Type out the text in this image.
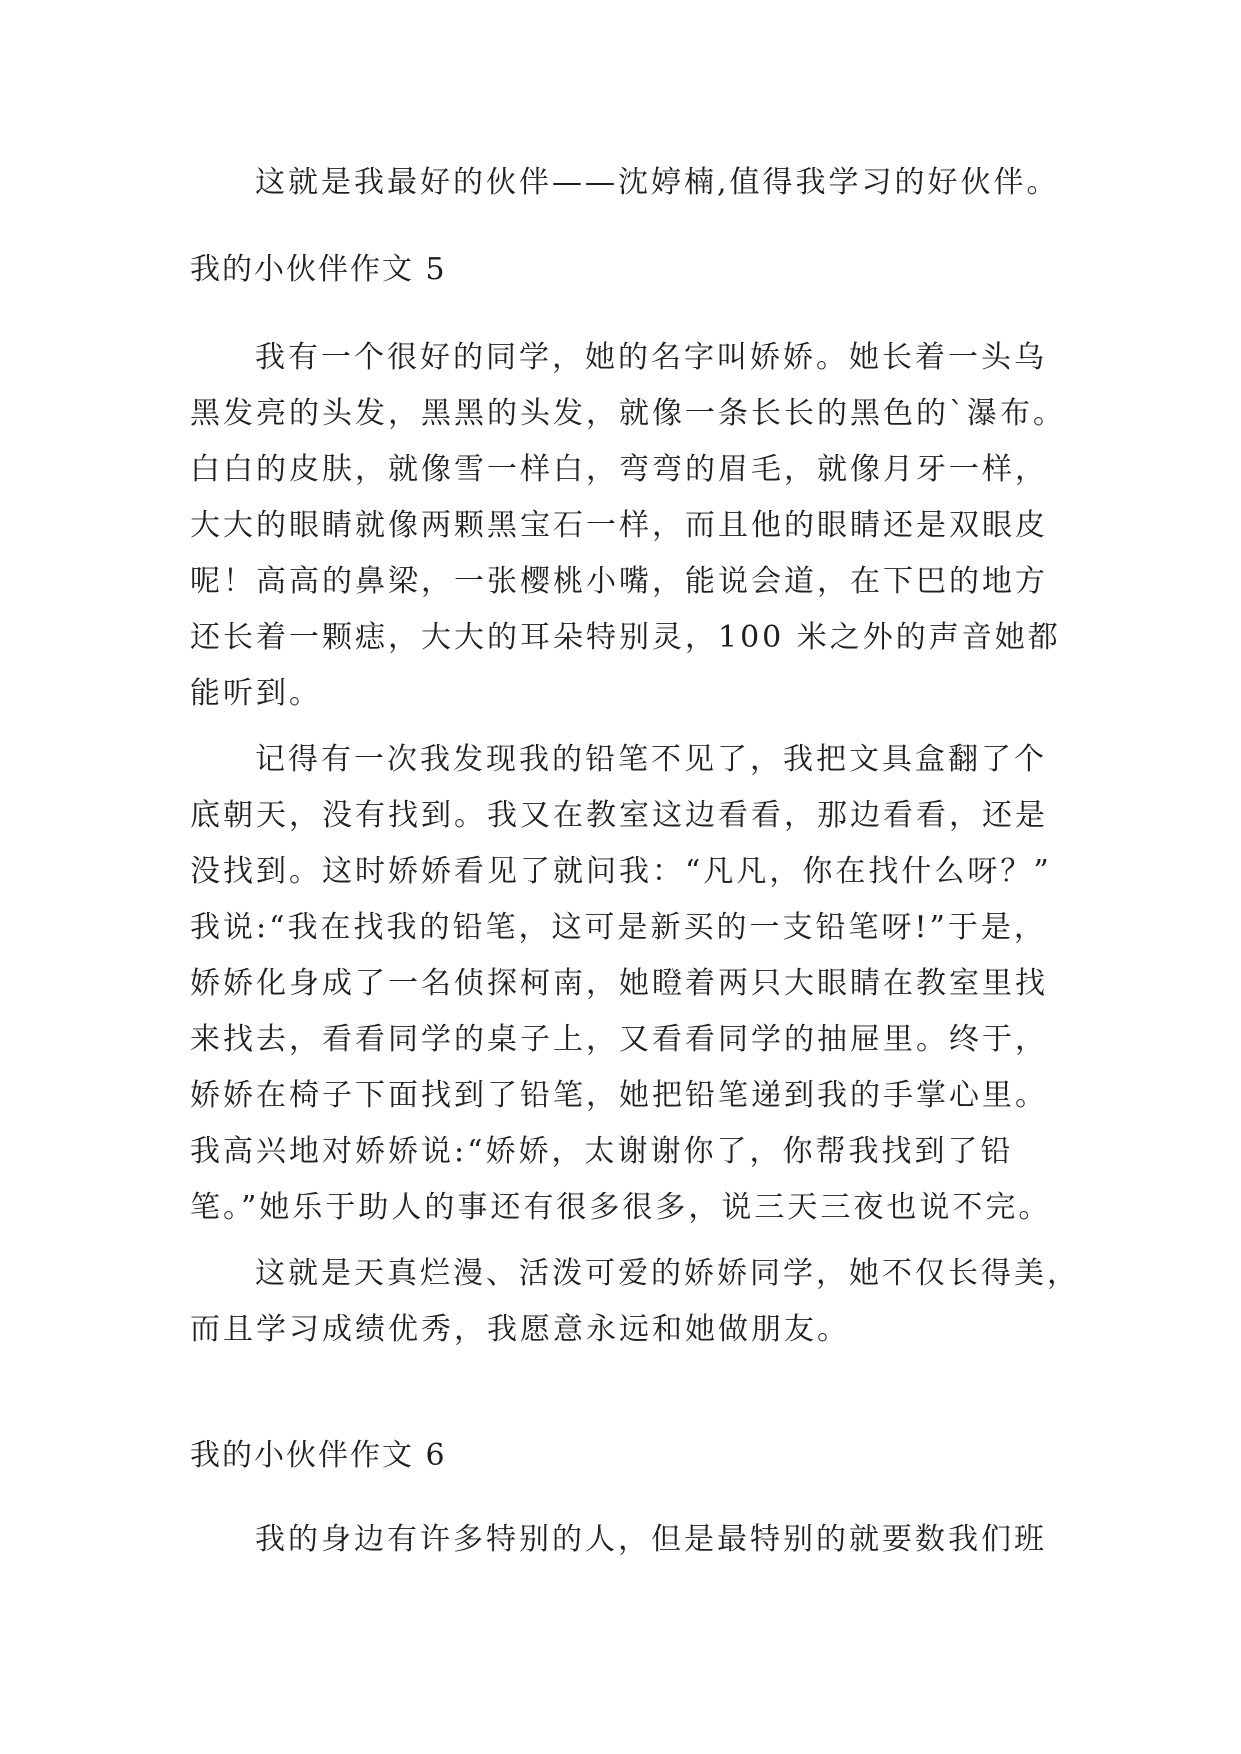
这就是我最好的伙伴——沈婷楠,值得我学习的好伙伴。
我的小伙伴作文 5
我有一个很好的同学，她的名字叫娇娇。她长着一头乌
黑发亮的头发，黑黑的头发，就像一条长长的黑色的`瀑布。
白白的皮肤，就像雪一样白，弯弯的眉毛，就像月牙一样，
大大的眼睛就像两颗黑宝石一样，而且他的眼睛还是双眼皮
呢！高高的鼻梁，一张樱桃小嘴，能说会道，在下巴的地方
还长着一颗痣，大大的耳朵特别灵，100 米之外的声音她都
能听到。
记得有一次我发现我的铅笔不见了，我把文具盒翻了个
底朝天，没有找到。我又在教室这边看看，那边看看，还是
没找到。这时娇娇看见了就问我：“凡凡，你在找什么呀？”
我说:“我在找我的铅笔，这可是新买的一支铅笔呀!”于是，
娇娇化身成了一名侦探柯南，她瞪着两只大眼睛在教室里找
来找去，看看同学的桌子上，又看看同学的抽屉里。终于，
娇娇在椅子下面找到了铅笔，她把铅笔递到我的手掌心里。
我高兴地对娇娇说:“娇娇，太谢谢你了，你帮我找到了铅
笔。”她乐于助人的事还有很多很多，说三天三夜也说不完。
这就是天真烂漫、活泼可爱的娇娇同学，她不仅长得美，
而且学习成绩优秀，我愿意永远和她做朋友。
我的小伙伴作文 6
我的身边有许多特别的人，但是最特别的就要数我们班
